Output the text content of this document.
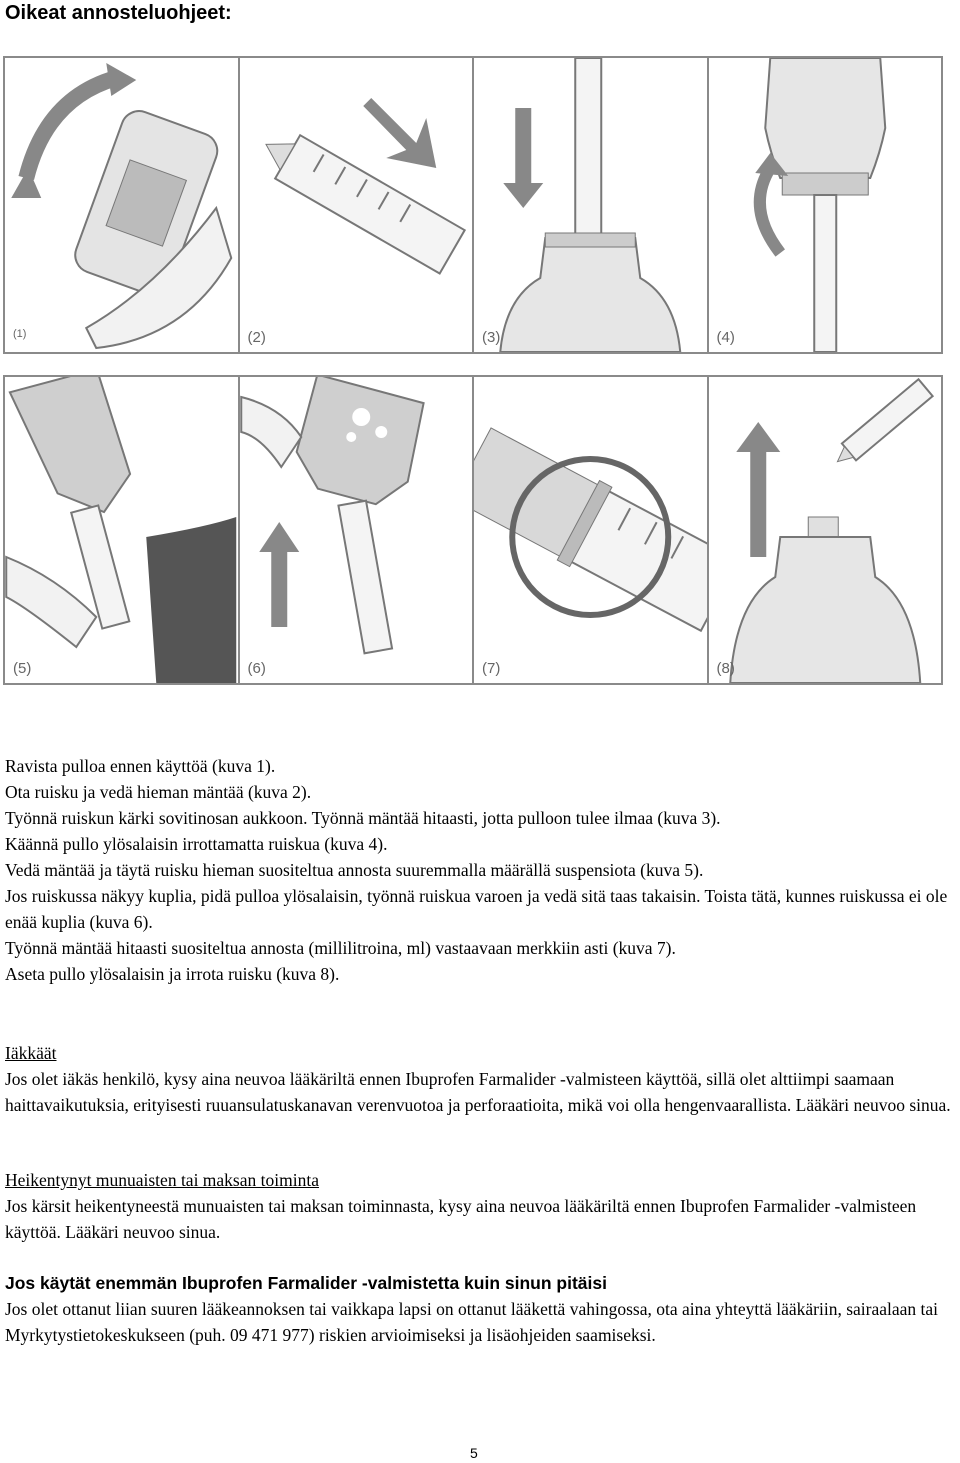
Oikeat annosteluohjeet:
(1)	(2)	(3)	(4)
(5)	(6)	(7)	(8)

Ravista pulloa ennen käyttöä (kuva 1).

Ota ruisku ja vedä hieman mäntää (kuva 2).

Työnnä ruiskun kärki sovitinosan aukkoon. Työnnä mäntää hitaasti, jotta pulloon tulee ilmaa (kuva 3).

Käännä pullo ylösalaisin irrottamatta ruiskua (kuva 4).

Vedä mäntää ja täytä ruisku hieman suositeltua annosta suuremmalla määrällä suspensiota (kuva 5).

Jos ruiskussa näkyy kuplia, pidä pulloa ylösalaisin, työnnä ruiskua varoen ja vedä sitä taas takaisin. Toista tätä, kunnes ruiskussa ei ole enää kuplia (kuva 6).

Työnnä mäntää hitaasti suositeltua annosta (millilitroina, ml) vastaavaan merkkiin asti (kuva 7).

Aseta pullo ylösalaisin ja irrota ruisku (kuva 8).

Iäkkäät

Jos olet iäkäs henkilö, kysy aina neuvoa lääkäriltä ennen Ibuprofen Farmalider -valmisteen käyttöä, sillä olet alttiimpi saamaan haittavaikutuksia, erityisesti ruuansulatuskanavan verenvuotoa ja perforaatioita, mikä voi olla hengenvaarallista. Lääkäri neuvoo sinua.

Heikentynyt munuaisten tai maksan toiminta

Jos kärsit heikentyneestä munuaisten tai maksan toiminnasta, kysy aina neuvoa lääkäriltä ennen Ibuprofen Farmalider -valmisteen käyttöä. Lääkäri neuvoo sinua.

Jos käytät enemmän Ibuprofen Farmalider -valmistetta kuin sinun pitäisi

Jos olet ottanut liian suuren lääkeannoksen tai vaikkapa lapsi on ottanut lääkettä vahingossa, ota aina yhteyttä lääkäriin, sairaalaan tai Myrkytystietokeskukseen (puh. 09 471 977) riskien arvioimiseksi ja lisäohjeiden saamiseksi.

5
